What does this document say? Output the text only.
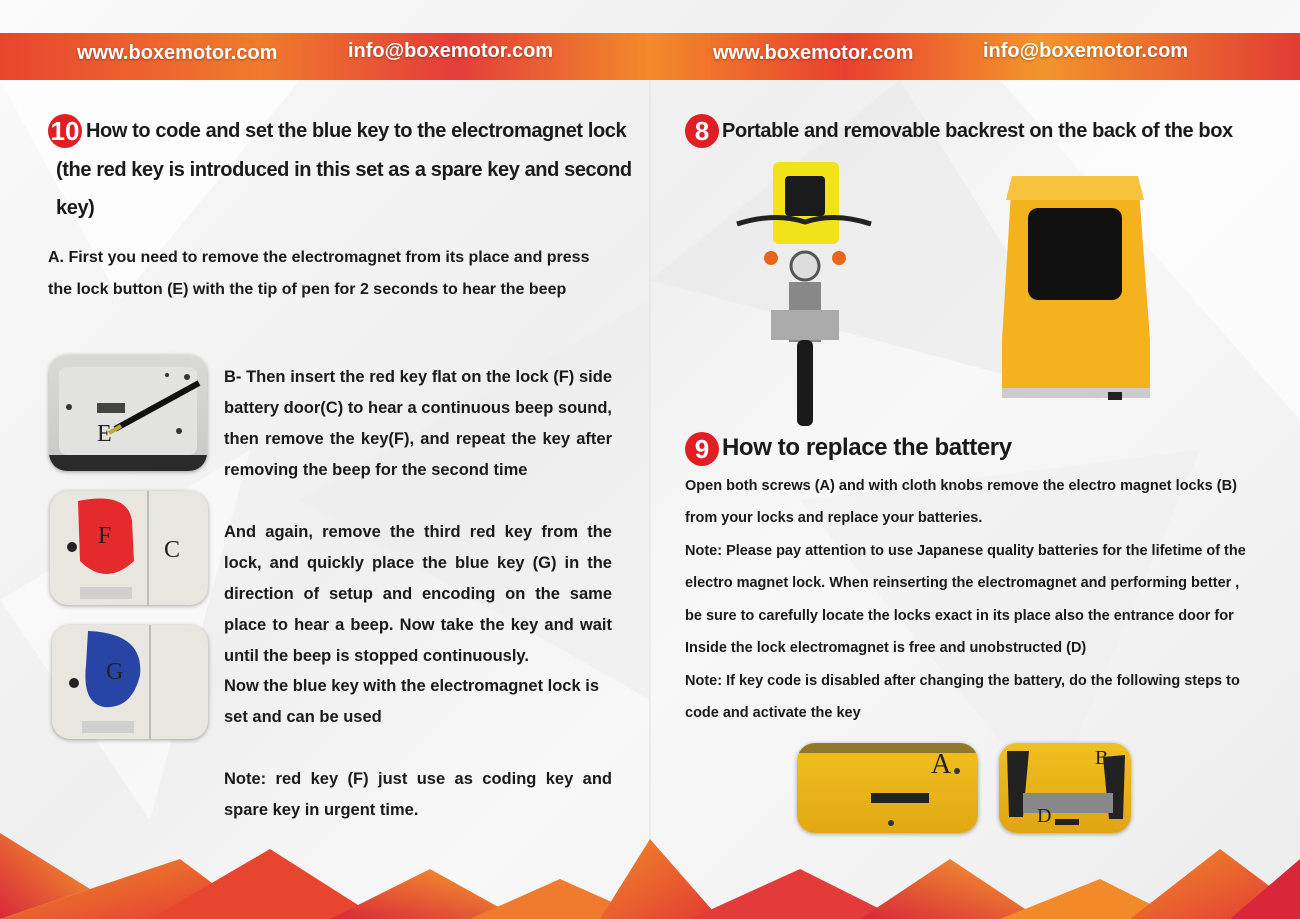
www.boxemotor.com	info@boxemotor.com	www.boxemotor.com	info@boxemotor.com
10 How to code and set the blue key to the electromagnet lock
(the red key is introduced in this set as a spare key and second
key)
A. First you need to remove the electromagnet from its place and press
the lock button (E) with the tip of pen for 2 seconds to hear the beep
E
F
C
G
B- Then insert the red key flat on the lock (F) side battery door(C) to hear a continuous beep sound, then remove the key(F), and repeat the key after removing the beep for the second time
And again, remove the third red key from the lock, and quickly place the blue key (G) in the direction of setup and encoding on the same place to hear a beep. Now take the key and wait until the beep is stopped continuously.
Now the blue key with the electromagnet lock is set and can be used
Note: red key (F) just use as coding key and spare key in urgent time.
8 Portable and removable backrest on the back of the box
9 How to replace the battery
Open both screws (A) and with cloth knobs remove the electro magnet locks (B)
from your locks and replace your batteries.
Note: Please pay attention to use Japanese quality batteries for the lifetime of the
electro magnet lock. When reinserting the electromagnet and performing better ,
be sure to carefully locate the locks exact in its place also the entrance door for
Inside the lock electromagnet is free and unobstructed (D)
Note: If key code is disabled after changing the battery, do the following steps to
code and activate the key
A	B
D
